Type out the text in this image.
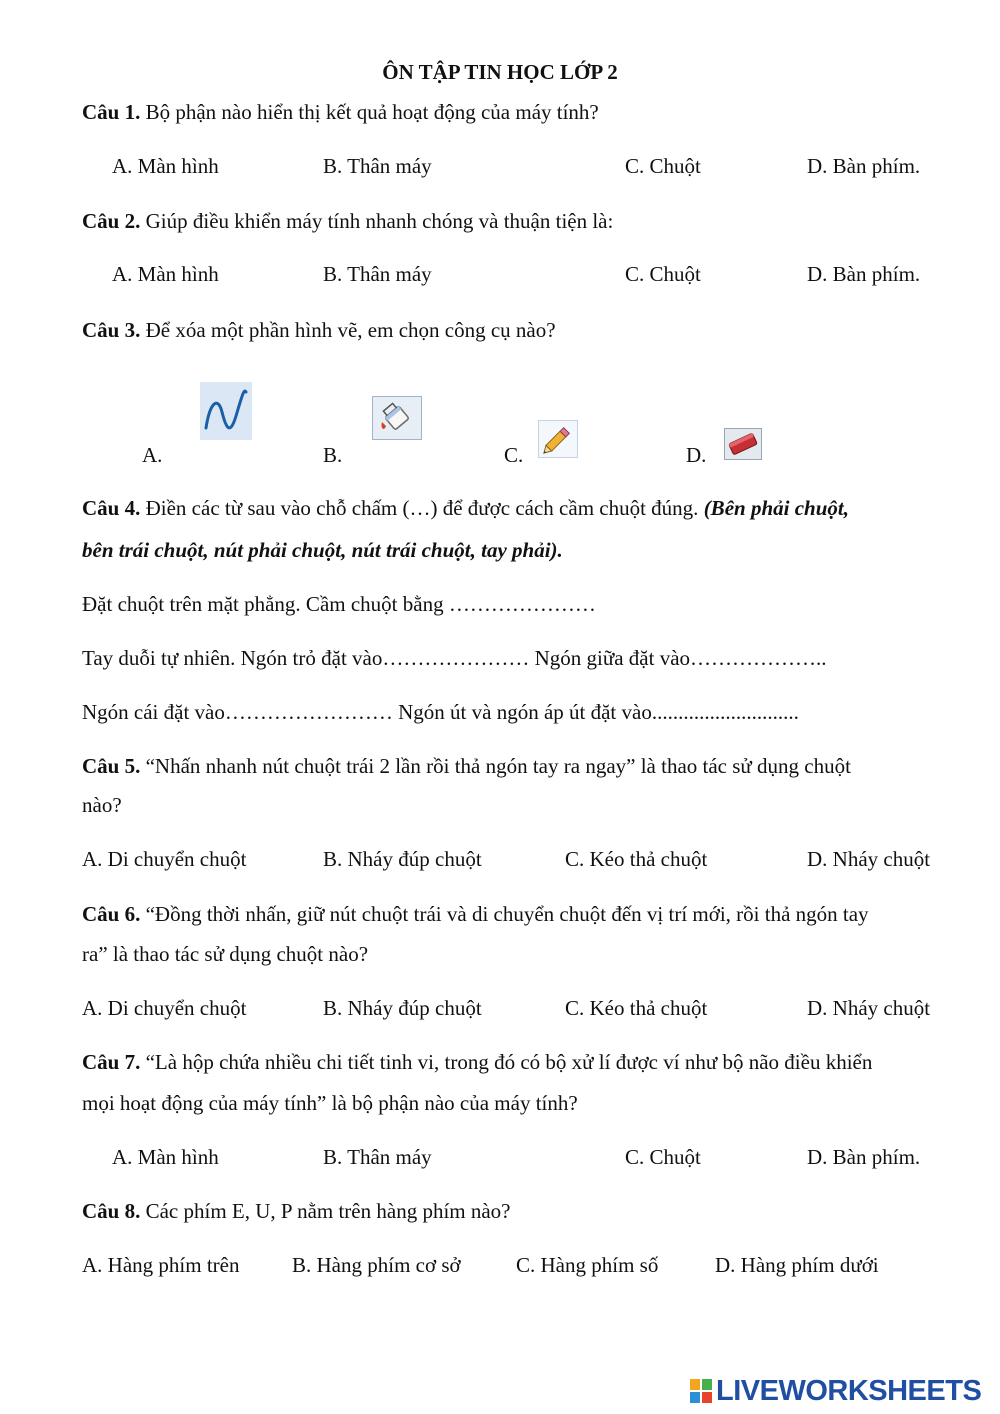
ÔN TẬP TIN HỌC LỚP 2
Câu 1. Bộ phận nào hiển thị kết quả hoạt động của máy tính?
A. Màn hình	B. Thân máy	C. Chuột	D. Bàn phím.
Câu 2. Giúp điều khiển máy tính nhanh chóng và thuận tiện là:
A. Màn hình	B. Thân máy	C. Chuột	D. Bàn phím.
Câu 3. Để xóa một phần hình vẽ, em chọn công cụ nào?
A.	B.	C.	D.
Câu 4. Điền các từ sau vào chỗ chấm (…) để được cách cầm chuột đúng. (Bên phải chuột,
bên trái chuột, nút phải chuột, nút trái chuột, tay phải).
Đặt chuột trên mặt phẳng. Cầm chuột bằng …………………
Tay duỗi tự nhiên. Ngón trỏ đặt vào………………… Ngón giữa đặt vào………………..
Ngón cái đặt vào…………………… Ngón út và ngón áp út đặt vào............................
Câu 5. “Nhấn nhanh nút chuột trái 2 lần rồi thả ngón tay ra ngay” là thao tác sử dụng chuột
nào?
A. Di chuyển chuột	B. Nháy đúp chuột	C. Kéo thả chuột	D. Nháy chuột
Câu 6. “Đồng thời nhấn, giữ nút chuột trái và di chuyển chuột đến vị trí mới, rồi thả ngón tay
ra” là thao tác sử dụng chuột nào?
A. Di chuyển chuột	B. Nháy đúp chuột	C. Kéo thả chuột	D. Nháy chuột
Câu 7. “Là hộp chứa nhiều chi tiết tinh vi, trong đó có bộ xử lí được ví như bộ não điều khiển
mọi hoạt động của máy tính” là bộ phận nào của máy tính?
A. Màn hình	B. Thân máy	C. Chuột	D. Bàn phím.
Câu 8. Các phím E, U, P nằm trên hàng phím nào?
A. Hàng phím trên	B. Hàng phím cơ sở	C. Hàng phím số	D. Hàng phím dưới
LIVEWORKSHEETS
